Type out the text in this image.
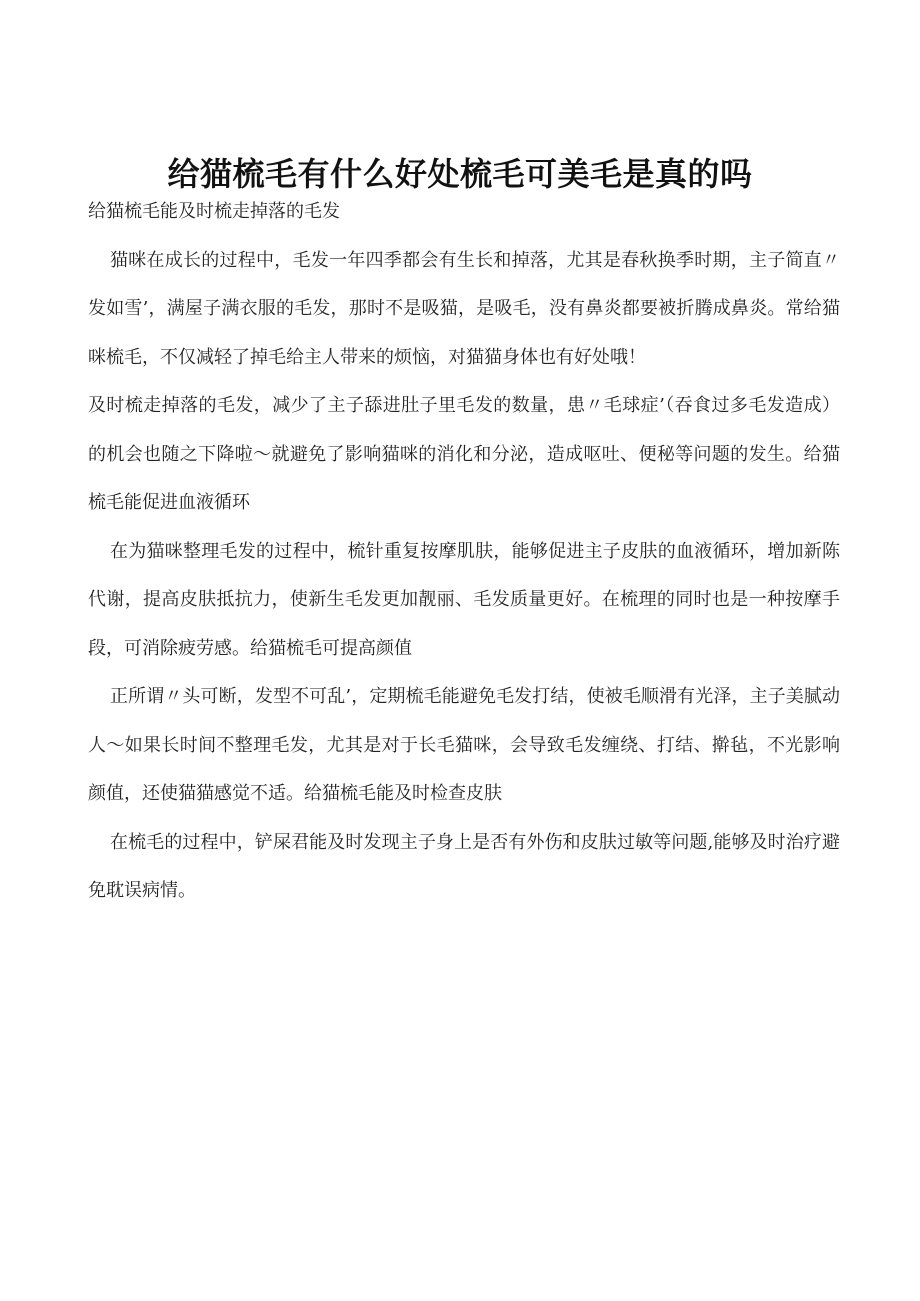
给猫梳毛有什么好处梳毛可美毛是真的吗

给猫梳毛能及时梳走掉落的毛发

猫咪在成长的过程中，毛发一年四季都会有生长和掉落，尤其是春秋换季时期，主子简直〃发如雪’，满屋子满衣服的毛发，那时不是吸猫，是吸毛，没有鼻炎都要被折腾成鼻炎。常给猫咪梳毛，不仅减轻了掉毛给主人带来的烦恼，对猫猫身体也有好处哦！

及时梳走掉落的毛发，减少了主子舔进肚子里毛发的数量，患〃毛球症’（吞食过多毛发造成）的机会也随之下降啦～就避免了影响猫咪的消化和分泌，造成呕吐、便秘等问题的发生。给猫梳毛能促进血液循环

在为猫咪整理毛发的过程中，梳针重复按摩肌肤，能够促进主子皮肤的血液循环，增加新陈代谢，提高皮肤抵抗力，使新生毛发更加靓丽、毛发质量更好。在梳理的同时也是一种按摩手段，可消除疲劳感。给猫梳毛可提高颜值

正所谓〃头可断，发型不可乱’，定期梳毛能避免毛发打结，使被毛顺滑有光泽，主子美腻动人～如果长时间不整理毛发，尤其是对于长毛猫咪，会导致毛发缠绕、打结、擀毡，不光影响颜值，还使猫猫感觉不适。给猫梳毛能及时检查皮肤

在梳毛的过程中，铲屎君能及时发现主子身上是否有外伤和皮肤过敏等问题,能够及时治疗避免耽误病情。
